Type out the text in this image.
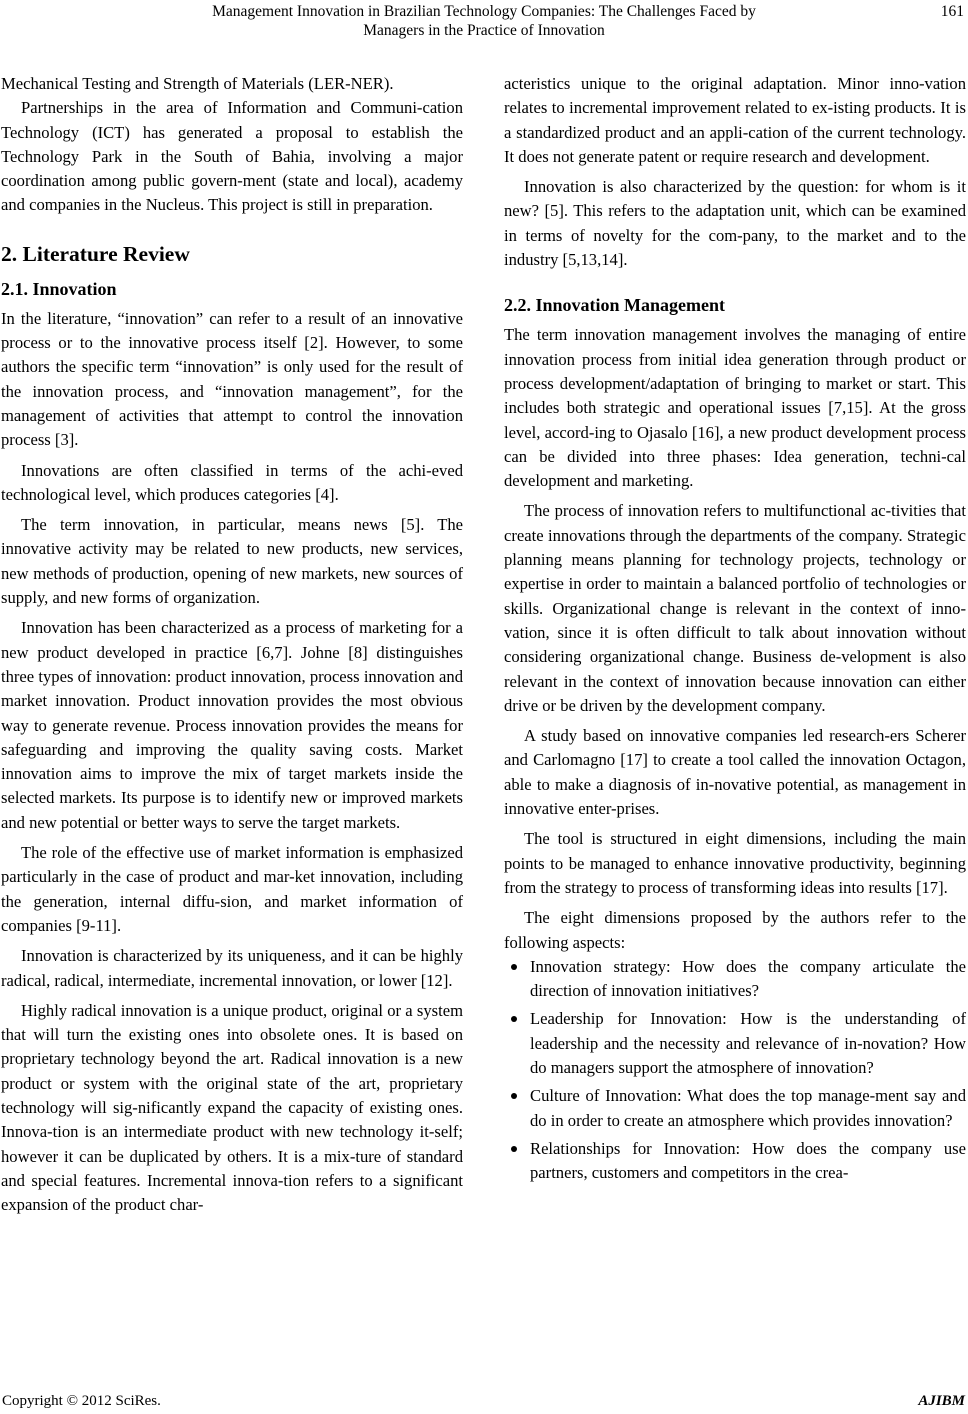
Management Innovation in Brazilian Technology Companies: The Challenges Faced by
Managers in the Practice of Innovation
161

Mechanical Testing and Strength of Materials (LER-NER).

Partnerships in the area of Information and Communi-cation Technology (ICT) has generated a proposal to establish the Technology Park in the South of Bahia, involving a major coordination among public govern-ment (state and local), academy and companies in the Nucleus. This project is still in preparation.

2. Literature Review
2.1. Innovation

In the literature, “innovation” can refer to a result of an innovative process or to the innovative process itself [2]. However, to some authors the specific term “innovation” is only used for the result of the innovation process, and “innovation management”, for the management of activities that attempt to control the innovation process [3].

Innovations are often classified in terms of the achi-eved technological level, which produces categories [4].

The term innovation, in particular, means news [5]. The innovative activity may be related to new products, new services, new methods of production, opening of new markets, new sources of supply, and new forms of organization.

Innovation has been characterized as a process of marketing for a new product developed in practice [6,7]. Johne [8] distinguishes three types of innovation: product innovation, process innovation and market innovation. Product innovation provides the most obvious way to generate revenue. Process innovation provides the means for safeguarding and improving the quality saving costs. Market innovation aims to improve the mix of target markets inside the selected markets. Its purpose is to identify new or improved markets and new potential or better ways to serve the target markets.

The role of the effective use of market information is emphasized particularly in the case of product and mar-ket innovation, including the generation, internal diffu-sion, and market information of companies [9-11].

Innovation is characterized by its uniqueness, and it can be highly radical, radical, intermediate, incremental innovation, or lower [12].

Highly radical innovation is a unique product, original or a system that will turn the existing ones into obsolete ones. It is based on proprietary technology beyond the art. Radical innovation is a new product or system with the original state of the art, proprietary technology will sig-nificantly expand the capacity of existing ones. Innova-tion is an intermediate product with new technology it-self; however it can be duplicated by others. It is a mix-ture of standard and special features. Incremental innova-tion refers to a significant expansion of the product char-

acteristics unique to the original adaptation. Minor inno-vation relates to incremental improvement related to ex-isting products. It is a standardized product and an appli-cation of the current technology. It does not generate patent or require research and development.

Innovation is also characterized by the question: for whom is it new? [5]. This refers to the adaptation unit, which can be examined in terms of novelty for the com-pany, to the market and to the industry [5,13,14].

2.2. Innovation Management

The term innovation management involves the managing of entire innovation process from initial idea generation through product or process development/adaptation of bringing to market or start. This includes both strategic and operational issues [7,15]. At the gross level, accord-ing to Ojasalo [16], a new product development process can be divided into three phases: Idea generation, techni-cal development and marketing.

The process of innovation refers to multifunctional ac-tivities that create innovations through the departments of the company. Strategic planning means planning for technology projects, technology or expertise in order to maintain a balanced portfolio of technologies or skills. Organizational change is relevant in the context of inno-vation, since it is often difficult to talk about innovation without considering organizational change. Business de-velopment is also relevant in the context of innovation because innovation can either drive or be driven by the development company.

A study based on innovative companies led research-ers Scherer and Carlomagno [17] to create a tool called the innovation Octagon, able to make a diagnosis of in-novative potential, as management in innovative enter-prises.

The tool is structured in eight dimensions, including the main points to be managed to enhance innovative productivity, beginning from the strategy to process of transforming ideas into results [17].

The eight dimensions proposed by the authors refer to the following aspects:

Innovation strategy: How does the company articulate the direction of innovation initiatives?
Leadership for Innovation: How is the understanding of leadership and the necessity and relevance of in-novation? How do managers support the atmosphere of innovation?
Culture of Innovation: What does the top manage-ment say and do in order to create an atmosphere which provides innovation?
Relationships for Innovation: How does the company use partners, customers and competitors in the crea-
Copyright © 2012 SciRes.	AJIBM
